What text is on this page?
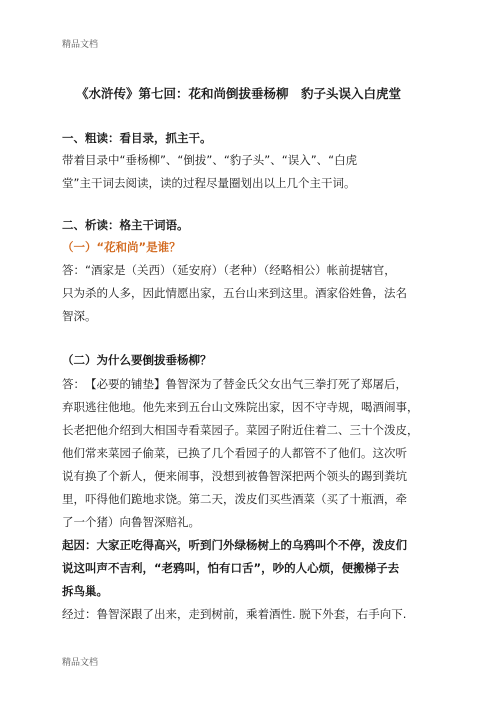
精品文档
《水浒传》第七回：花和尚倒拔垂杨柳　豹子头误入白虎堂
一、粗读：看目录，抓主干。
带着目录中“垂杨柳”、“倒拔”、“豹子头”、“误入”、“白虎
堂”主干词去阅读，读的过程尽量圈划出以上几个主干词。
二、析读：格主干词语。
（一）“花和尚”是谁？
答：“酒家是（关西）（延安府）（老种）（经略相公）帐前提辖官，
只为杀的人多，因此情愿出家，五台山来到这里。酒家俗姓鲁，法名
智深。
（二）为什么要倒拔垂杨柳？
答：　【必要的铺垫】鲁智深为了替金氏父女出气三拳打死了郑屠后，
弃职逃往他地。他先来到五台山文殊院出家，因不守寺规，喝酒闹事，
长老把他介绍到大相国寺看菜园子。菜园子附近住着二、三十个泼皮，
他们常来菜园子偷菜，已换了几个看园子的人都管不了他们。这次听
说有换了个新人，便来闹事，没想到被鲁智深把两个领头的踢到粪坑
里，吓得他们跪地求饶。第二天，泼皮们买些酒菜（买了十瓶酒，牵
了一个猪）向鲁智深赔礼。
起因：大家正吃得高兴，听到门外绿杨树上的乌鸦叫个不停，泼皮们
说这叫声不吉利，“老鸦叫，怕有口舌”，吵的人心烦，便搬梯子去
拆鸟巢。
经过：鲁智深跟了出来，走到树前，乘着酒性. 脱下外套，右手向下.
精品文档
